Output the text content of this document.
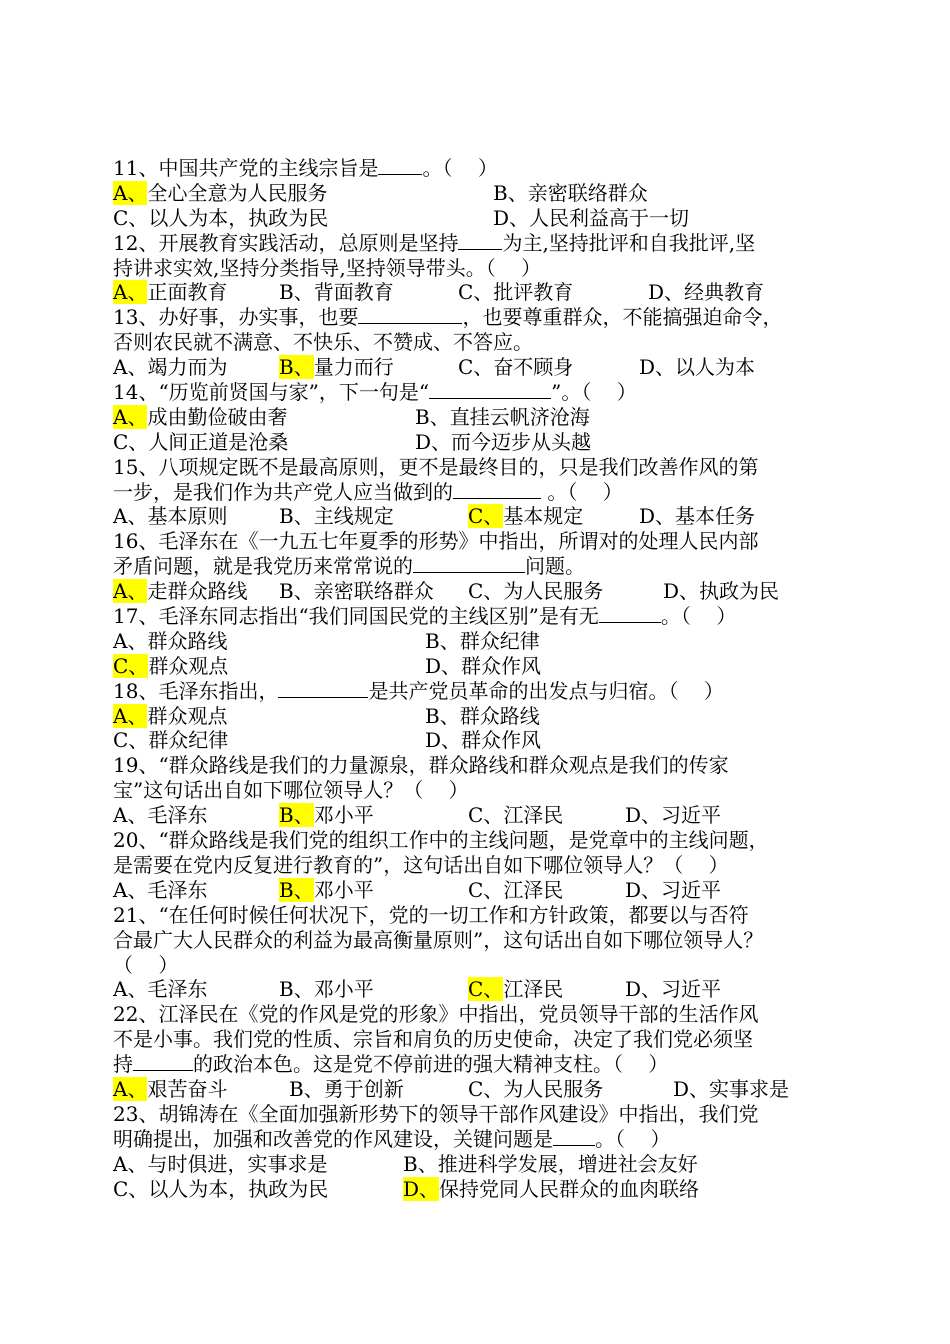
11、中国共产党的主线宗旨是 。（    ）
A、全心全意为人民服务	B、亲密联络群众
C、以人为本，执政为民	D、人民利益高于一切
12、开展教育实践活动，总原则是坚持 为主,坚持批评和自我批评,坚
持讲求实效,坚持分类指导,坚持领导带头。（    ）
A、正面教育	B、背面教育	C、批评教育	D、经典教育
13、办好事，办实事，也要	，也要尊重群众，不能搞强迫命令，
否则农民就不满意、不快乐、不赞成、不答应。
A、竭力而为	B、量力而行	C、奋不顾身	D、以人为本
14、“历览前贤国与家”，下一句是“	”。（    ）
A、成由勤俭破由奢	B、直挂云帆济沧海
C、人间正道是沧桑	D、而今迈步从头越
15、八项规定既不是最高原则，更不是最终目的，只是我们改善作风的第
一步，是我们作为共产党人应当做到的	。（    ）
A、基本原则	B、主线规定	C、基本规定	D、基本任务
16、毛泽东在《一九五七年夏季的形势》中指出，所谓对的处理人民内部
矛盾问题，就是我党历来常常说的	问题。
A、走群众路线 B、亲密联络群众 C、为人民服务	D、执政为民
17、毛泽东同志指出“我们同国民党的主线区别”是有无	。（    ）
A、群众路线	B、群众纪律
C、群众观点	D、群众作风
18、毛泽东指出，	是共产党员革命的出发点与归宿。（    ）
A、群众观点	B、群众路线
C、群众纪律	D、群众作风
19、“群众路线是我们的力量源泉，群众路线和群众观点是我们的传家
宝”这句话出自如下哪位领导人？（    ）
A、毛泽东	B、邓小平	C、江泽民	D、习近平
20、“群众路线是我们党的组织工作中的主线问题，是党章中的主线问题，
是需要在党内反复进行教育的”，这句话出自如下哪位领导人？（    ）
A、毛泽东	B、邓小平	C、江泽民	D、习近平
21、“在任何时候任何状况下，党的一切工作和方针政策，都要以与否符
合最广大人民群众的利益为最高衡量原则”，这句话出自如下哪位领导人？
（    ）
A、毛泽东	B、邓小平	C、江泽民	D、习近平
22、江泽民在《党的作风是党的形象》中指出，党员领导干部的生活作风
不是小事。我们党的性质、宗旨和肩负的历史使命，决定了我们党必须坚
持	的政治本色。这是党不停前进的强大精神支柱。（    ）
A、艰苦奋斗	B、勇于创新	C、为人民服务	D、实事求是
23、胡锦涛在《全面加强新形势下的领导干部作风建设》中指出，我们党
明确提出，加强和改善党的作风建设，关键问题是 。（    ）
A、与时俱进，实事求是	B、推进科学发展，增进社会友好
C、以人为本，执政为民	D、保持党同人民群众的血肉联络
